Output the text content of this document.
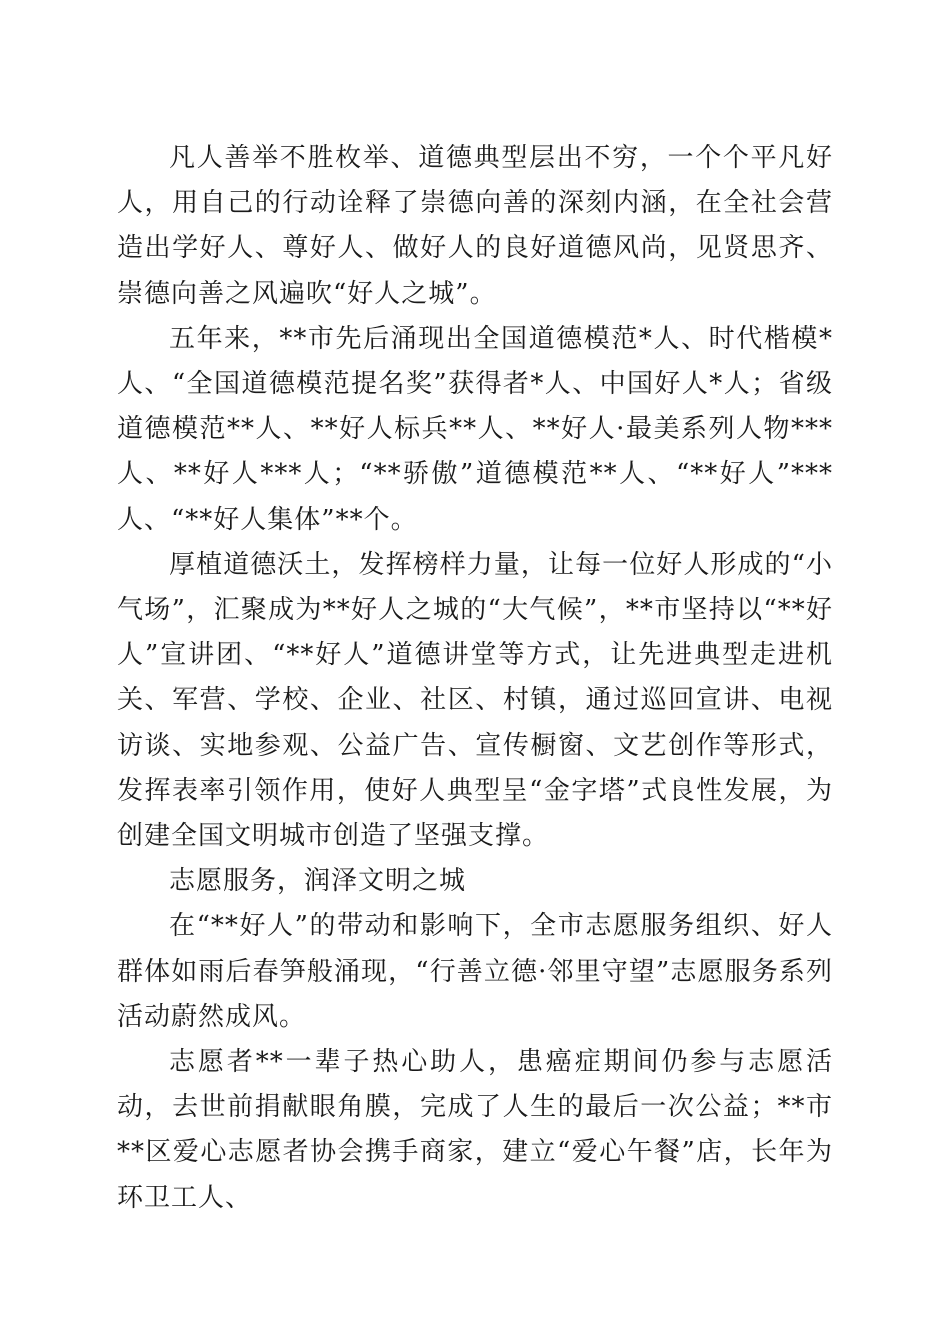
凡人善举不胜枚举、道德典型层出不穷，一个个平凡好人，用自己的行动诠释了崇德向善的深刻内涵，在全社会营造出学好人、尊好人、做好人的良好道德风尚，见贤思齐、崇德向善之风遍吹“好人之城”。

五年来，**市先后涌现出全国道德模范*人、时代楷模*人、“全国道德模范提名奖”获得者*人、中国好人*人；省级道德模范**人、**好人标兵**人、**好人·最美系列人物***人、**好人***人；“**骄傲”道德模范**人、“**好人”***人、“**好人集体”**个。

厚植道德沃土，发挥榜样力量，让每一位好人形成的“小气场”，汇聚成为**好人之城的“大气候”，**市坚持以“**好人”宣讲团、“**好人”道德讲堂等方式，让先进典型走进机关、军营、学校、企业、社区、村镇，通过巡回宣讲、电视访谈、实地参观、公益广告、宣传橱窗、文艺创作等形式，发挥表率引领作用，使好人典型呈“金字塔”式良性发展，为创建全国文明城市创造了坚强支撑。

志愿服务，润泽文明之城

在“**好人”的带动和影响下，全市志愿服务组织、好人群体如雨后春笋般涌现，“行善立德·邻里守望”志愿服务系列活动蔚然成风。

志愿者**一辈子热心助人，患癌症期间仍参与志愿活动，去世前捐献眼角膜，完成了人生的最后一次公益；**市**区爱心志愿者协会携手商家，建立“爱心午餐”店，长年为环卫工人、
